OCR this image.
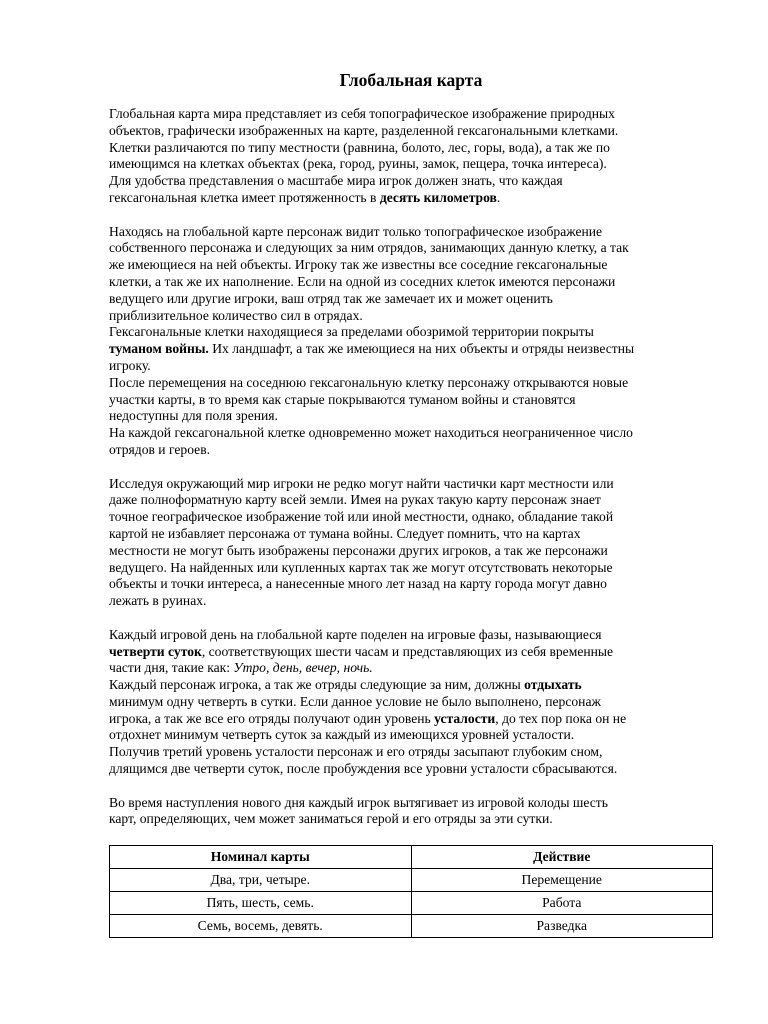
Глобальная карта
Глобальная карта мира представляет из себя топографическое изображение природных
объектов, графически изображенных на карте, разделенной гексагональными клетками.
Клетки различаются по типу местности (равнина, болото, лес, горы, вода), а так же по
имеющимся на клетках объектах (река, город, руины, замок, пещера, точка интереса).
Для удобства представления о масштабе мира игрок должен знать, что каждая
гексагональная клетка имеет протяженность в десять километров.
Находясь на глобальной карте персонаж видит только топографическое изображение
собственного персонажа и следующих за ним отрядов, занимающих данную клетку, а так
же имеющиеся на ней объекты. Игроку так же известны все соседние гексагональные
клетки, а так же их наполнение. Если на одной из соседних клеток имеются персонажи
ведущего или другие игроки, ваш отряд так же замечает их и может оценить
приблизительное количество сил в отрядах.
Гексагональные клетки находящиеся за пределами обозримой территории покрыты
туманом войны. Их ландшафт, а так же имеющиеся на них объекты и отряды неизвестны
игроку.
После перемещения на соседнюю гексагональную клетку персонажу открываются новые
участки карты, в то время как старые покрываются туманом войны и становятся
недоступны для поля зрения.
На каждой гексагональной клетке одновременно может находиться неограниченное число
отрядов и героев.
Исследуя окружающий мир игроки не редко могут найти частички карт местности или
даже полноформатную карту всей земли. Имея на руках такую карту персонаж знает
точное географическое изображение той или иной местности, однако, обладание такой
картой не избавляет персонажа от тумана войны. Следует помнить, что на картах
местности не могут быть изображены персонажи других игроков, а так же персонажи
ведущего. На найденных или купленных картах так же могут отсутствовать некоторые
объекты и точки интереса, а нанесенные много лет назад на карту города могут давно
лежать в руинах.
Каждый игровой день на глобальной карте поделен на игровые фазы, называющиеся
четверти суток, соответствующих шести часам и представляющих из себя временные
части дня, такие как: Утро, день, вечер, ночь.
Каждый персонаж игрока, а так же отряды следующие за ним, должны отдыхать
минимум одну четверть в сутки. Если данное условие не было выполнено, персонаж
игрока, а так же все его отряды получают один уровень усталости, до тех пор пока он не
отдохнет минимум четверть суток за каждый из имеющихся уровней усталости.
Получив третий уровень усталости персонаж и его отряды засыпают глубоким сном,
длящимся две четверти суток, после пробуждения все уровни усталости сбрасываются.
Во время наступления нового дня каждый игрок вытягивает из игровой колоды шесть
карт, определяющих, чем может заниматься герой и его отряды за эти сутки.
Номинал карты	Действие
Два, три, четыре.	Перемещение
Пять, шесть, семь.	Работа
Семь, восемь, девять.	Разведка
